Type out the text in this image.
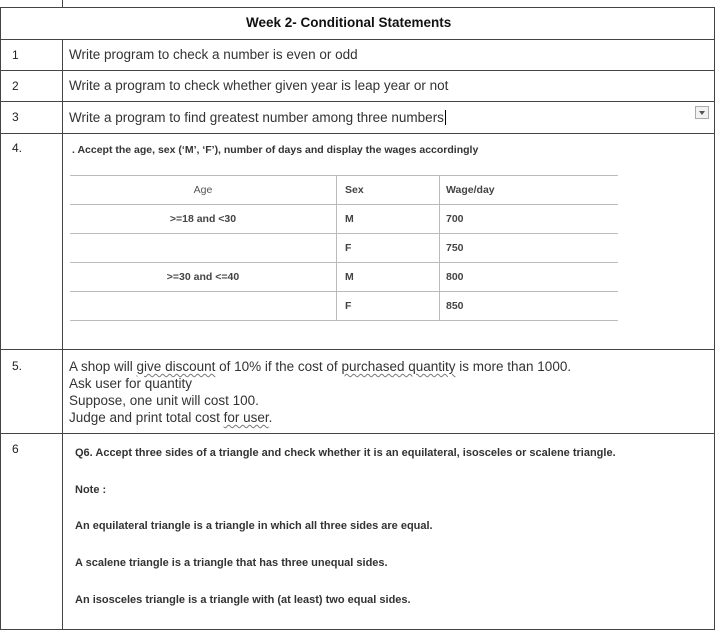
Week 2- Conditional Statements
1	Write program to check a number is even or odd
2	Write a program to check whether given year is leap year or not
3	Write a program to find greatest number among three numbers
4.	. Accept the age, sex (‘M’, ‘F’), number of days and display the wages accordingly
Age	Sex	Wage/day
>=18 and <30	M	700
	F	750
>=30 and <=40	M	800
	F	850
5.	A shop will give discount of 10% if the cost of purchased quantity is more than 1000.
Ask user for quantity
Suppose, one unit will cost 100.
Judge and print total cost for user.
6	Q6. Accept three sides of a triangle and check whether it is an equilateral, isosceles or scalene triangle.
Note :
An equilateral triangle is a triangle in which all three sides are equal.
A scalene triangle is a triangle that has three unequal sides.
An isosceles triangle is a triangle with (at least) two equal sides.
